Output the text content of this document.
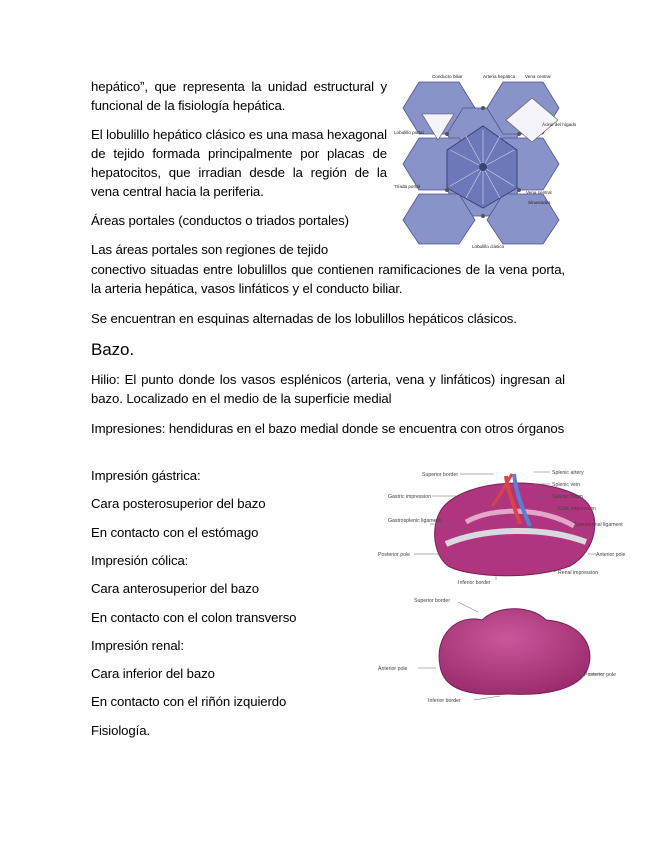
hepático”, que representa la unidad estructural y funcional de la fisiología hepática.

El lobulillo hepático clásico es una masa hexagonal de tejido formada principalmente por placas de hepatocitos, que irradian desde la región de la vena central hacia la periferia.

Áreas portales (conductos o triados portales)

Las áreas portales son regiones de tejido

conectivo situadas entre lobulillos que contienen ramificaciones de la vena porta, la arteria hepática, vasos linfáticos y el conducto biliar.

Se encuentran en esquinas alternadas de los lobulillos hepáticos clásicos.

Bazo.

Hilio: El punto donde los vasos esplénicos (arteria, vena y linfáticos) ingresan al bazo. Localizado en el medio de la superficie medial

Impresiones: hendiduras en el bazo medial donde se encuentra con otros órganos

Impresión gástrica:

Cara posterosuperior del bazo

En contacto con el estómago

Impresión cólica:

Cara anterosuperior del bazo

En contacto con el colon transverso

Impresión renal:

Cara inferior del bazo

En contacto con el riñón izquierdo

Fisiología.

Conducto biliar	Arteria hepática Vena central
Lobulillo portal
Ácino del hígado
Tríada portal
Vena central
Sinusoides
Lobulillo clásico
Superior border	Splenic artery
Splenic vein
Gastric impression	Splenic hilum
Colic impression
Gastrosplenic ligament
Splenorenal ligament
Posterior pole	Anterior pole
Inferior border
Renal impression
Superior border
Anterior pole
Posterior pole
Inferior border
